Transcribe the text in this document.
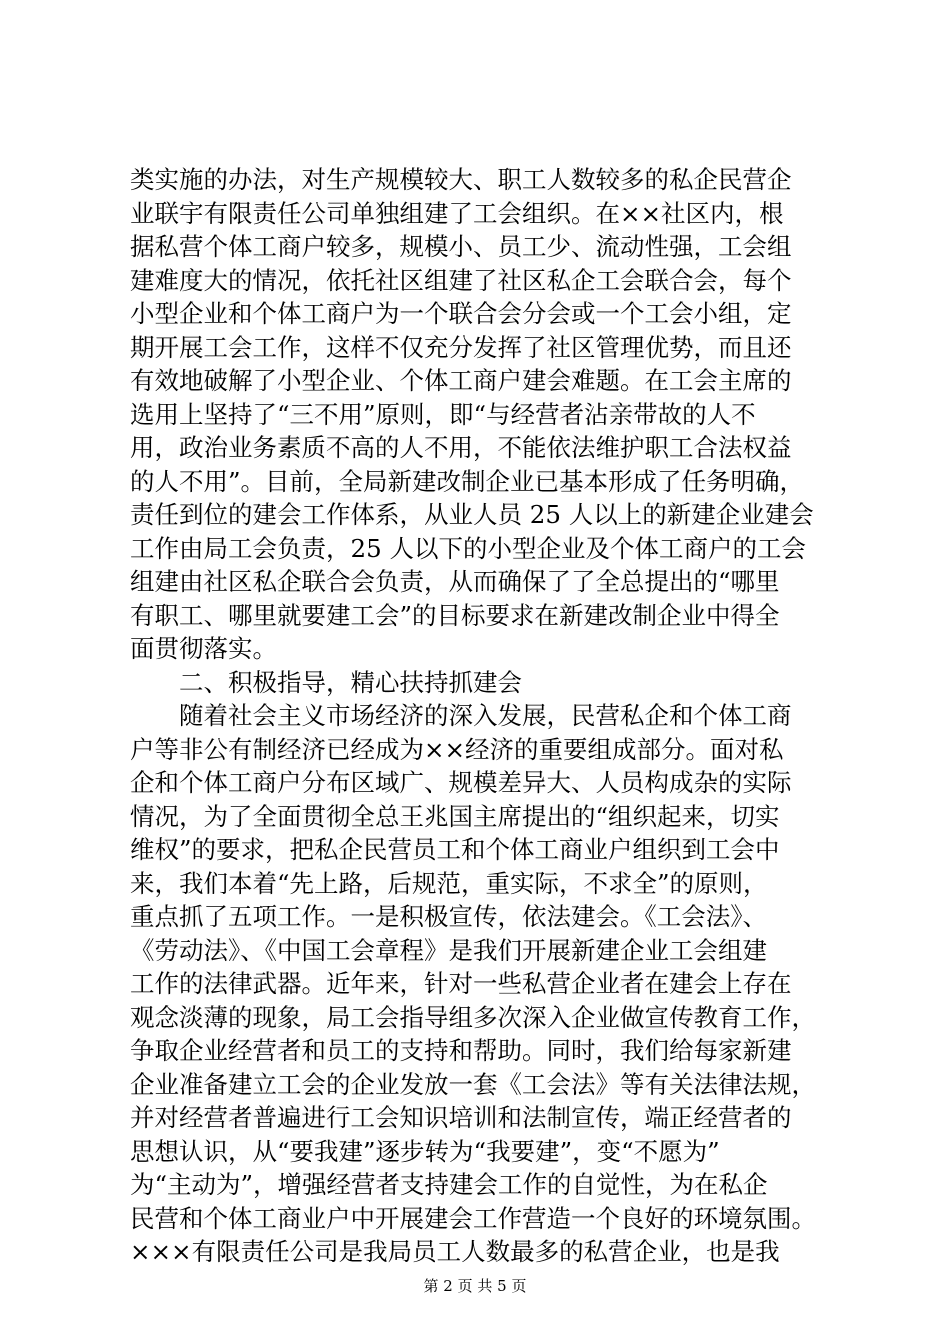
类实施的办法，对生产规模较大、职工人数较多的私企民营企
业联宇有限责任公司单独组建了工会组织。在××社区内，根
据私营个体工商户较多，规模小、员工少、流动性强，工会组
建难度大的情况，依托社区组建了社区私企工会联合会，每个
小型企业和个体工商户为一个联合会分会或一个工会小组，定
期开展工会工作，这样不仅充分发挥了社区管理优势，而且还
有效地破解了小型企业、个体工商户建会难题。在工会主席的
选用上坚持了“三不用”原则，即“与经营者沾亲带故的人不
用，政治业务素质不高的人不用，不能依法维护职工合法权益
的人不用”。目前，全局新建改制企业已基本形成了任务明确，
责任到位的建会工作体系，从业人员 25 人以上的新建企业建会
工作由局工会负责，25 人以下的小型企业及个体工商户的工会
组建由社区私企联合会负责，从而确保了了全总提出的“哪里
有职工、哪里就要建工会”的目标要求在新建改制企业中得全
面贯彻落实。
　　二、积极指导，精心扶持抓建会
　　随着社会主义市场经济的深入发展，民营私企和个体工商
户等非公有制经济已经成为××经济的重要组成部分。面对私
企和个体工商户分布区域广、规模差异大、人员构成杂的实际
情况，为了全面贯彻全总王兆国主席提出的“组织起来，切实
维权”的要求，把私企民营员工和个体工商业户组织到工会中
来，我们本着“先上路，后规范，重实际，不求全”的原则，
重点抓了五项工作。一是积极宣传，依法建会。《工会法》、
《劳动法》、《中国工会章程》是我们开展新建企业工会组建
工作的法律武器。近年来，针对一些私营企业者在建会上存在
观念淡薄的现象，局工会指导组多次深入企业做宣传教育工作，
争取企业经营者和员工的支持和帮助。同时，我们给每家新建
企业准备建立工会的企业发放一套《工会法》等有关法律法规，
并对经营者普遍进行工会知识培训和法制宣传，端正经营者的
思想认识，从“要我建”逐步转为“我要建”，变“不愿为”
为“主动为”，增强经营者支持建会工作的自觉性，为在私企
民营和个体工商业户中开展建会工作营造一个良好的环境氛围。
×××有限责任公司是我局员工人数最多的私营企业，也是我
第 2 页 共 5 页
